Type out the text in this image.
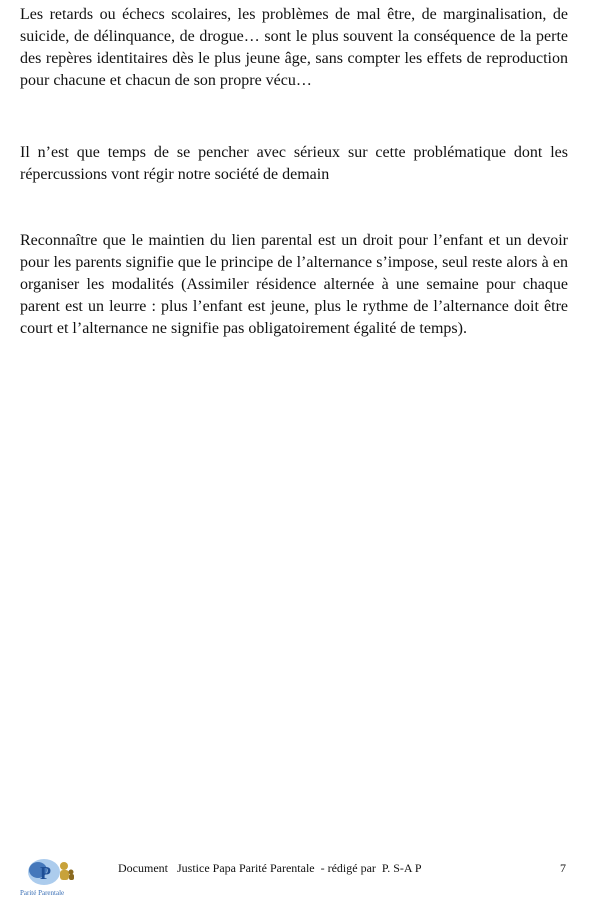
Les retards ou échecs scolaires, les problèmes de mal être, de marginalisation, de suicide, de délinquance, de drogue… sont le plus souvent la conséquence de la perte des repères identitaires dès le plus jeune âge, sans compter les effets de reproduction pour chacune et chacun de son propre vécu…

Il n’est que temps de se pencher avec sérieux sur cette problématique dont les répercussions vont régir notre société de demain

Reconnaître que le maintien du lien parental est un droit pour l’enfant et un devoir pour les parents signifie que le principe de l’alternance s’impose, seul reste alors à en organiser les modalités (Assimiler résidence alternée à une semaine pour chaque parent est un leurre : plus l’enfant est jeune, plus le rythme de l’alternance doit être court et l’alternance ne signifie pas obligatoirement égalité de temps).

P
Parité Parentale
Document   Justice Papa Parité Parentale  - rédigé par  P. S-A P	7
